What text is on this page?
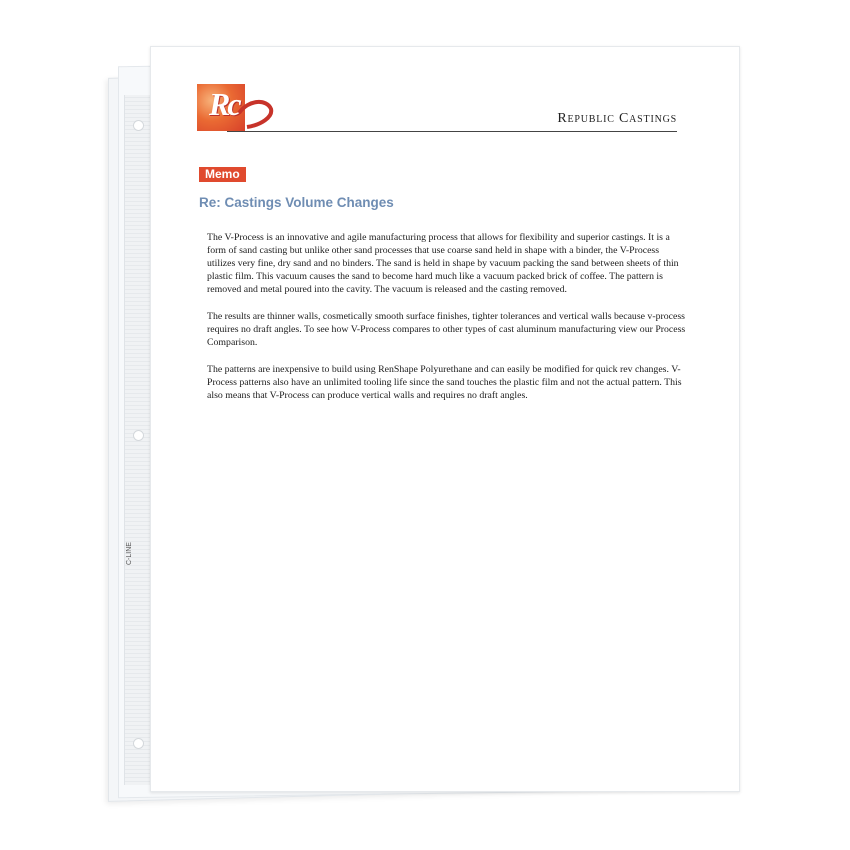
C-LINE
Rc	Republic Castings
Memo
Re: Castings Volume Changes

The V-Process is an innovative and agile manufacturing process that allows for flexibility and superior castings. It is a form of sand casting but unlike other sand processes that use coarse sand held in shape with a binder, the V-Process utilizes very fine, dry sand and no binders. The sand is held in shape by vacuum packing the sand between sheets of thin plastic film. This vacuum causes the sand to become hard much like a vacuum packed brick of coffee. The pattern is removed and metal poured into the cavity. The vacuum is released and the casting removed.

The results are thinner walls, cosmetically smooth surface finishes, tighter tolerances and vertical walls because v-process requires no draft angles. To see how V-Process compares to other types of cast aluminum manufacturing view our Process Comparison.

The patterns are inexpensive to build using RenShape Polyurethane and can easily be modified for quick rev changes. V-Process patterns also have an unlimited tooling life since the sand touches the plastic film and not the actual pattern. This also means that V-Process can produce vertical walls and requires no draft angles.
